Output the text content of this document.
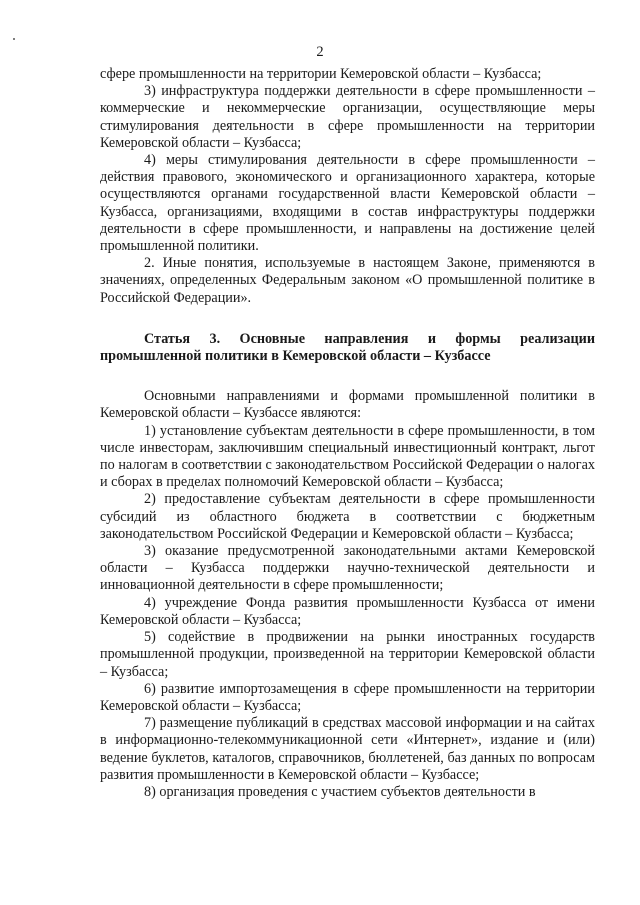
2

сфере промышленности на территории Кемеровской области – Кузбасса;

3) инфраструктура поддержки деятельности в сфере промышленности – коммерческие и некоммерческие организации, осуществляющие меры стимулирования деятельности в сфере промышленности на территории Кемеровской области – Кузбасса;

4) меры стимулирования деятельности в сфере промышленности – действия правового, экономического и организационного характера, которые осуществляются органами государственной власти Кемеровской области – Кузбасса, организациями, входящими в состав инфраструктуры поддержки деятельности в сфере промышленности, и направлены на достижение целей промышленной политики.

2. Иные понятия, используемые в настоящем Законе, применяются в значениях, определенных Федеральным законом «О промышленной политике в Российской Федерации».

Статья 3. Основные направления и формы реализации промышленной политики в Кемеровской области – Кузбассе

Основными направлениями и формами промышленной политики в Кемеровской области – Кузбассе являются:

1) установление субъектам деятельности в сфере промышленности, в том числе инвесторам, заключившим специальный инвестиционный контракт, льгот по налогам в соответствии с законодательством Российской Федерации о налогах и сборах в пределах полномочий Кемеровской области – Кузбасса;

2) предоставление субъектам деятельности в сфере промышленности субсидий из областного бюджета в соответствии с бюджетным законодательством Российской Федерации и Кемеровской области – Кузбасса;

3) оказание предусмотренной законодательными актами Кемеровской области – Кузбасса поддержки научно-технической деятельности и инновационной деятельности в сфере промышленности;

4) учреждение Фонда развития промышленности Кузбасса от имени Кемеровской области – Кузбасса;

5) содействие в продвижении на рынки иностранных государств промышленной продукции, произведенной на территории Кемеровской области – Кузбасса;

6) развитие импортозамещения в сфере промышленности на территории Кемеровской области – Кузбасса;

7) размещение публикаций в средствах массовой информации и на сайтах в информационно-телекоммуникационной сети «Интернет», издание и (или) ведение буклетов, каталогов, справочников, бюллетеней, баз данных по вопросам развития промышленности в Кемеровской области – Кузбассе;

8) организация проведения с участием субъектов деятельности в
